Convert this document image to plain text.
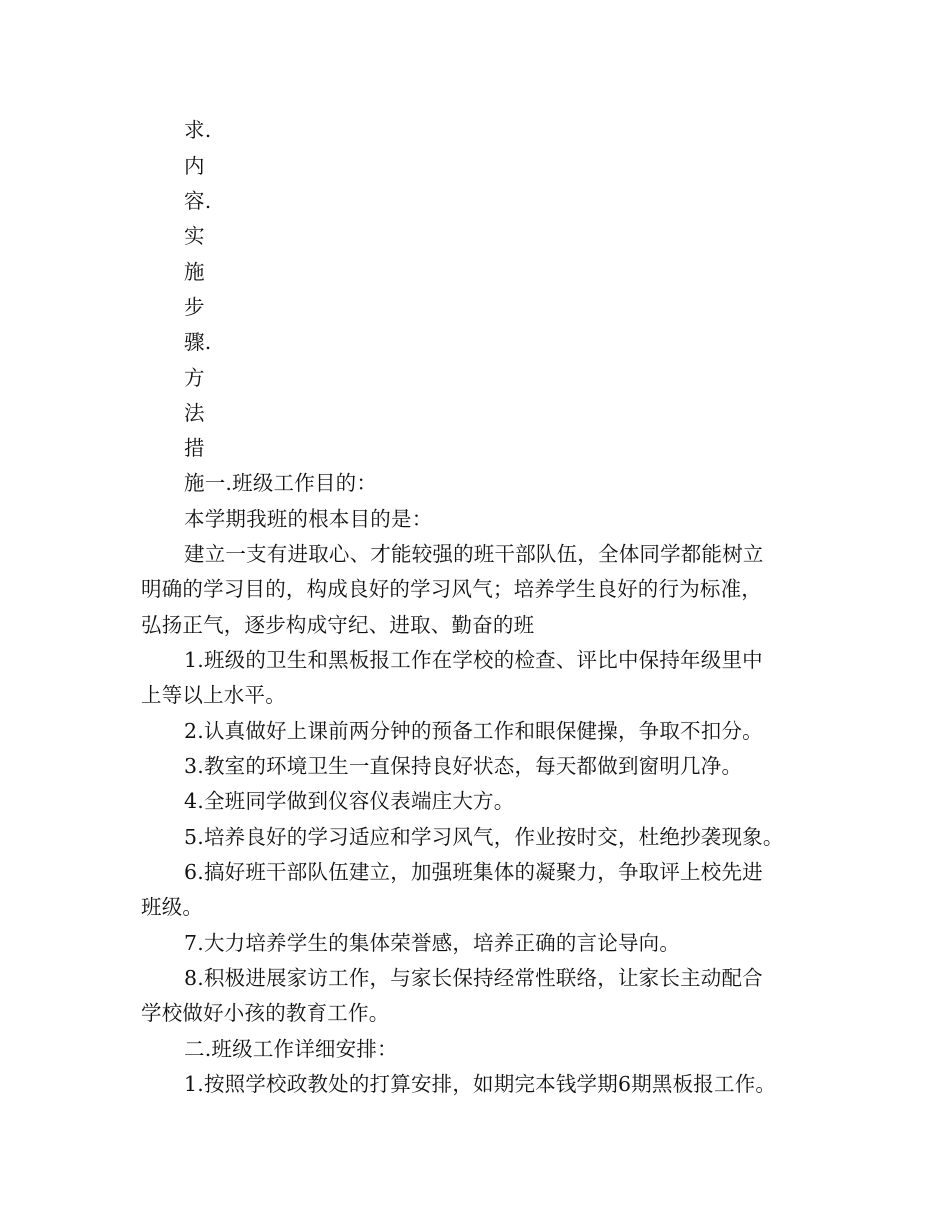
求.
内
容.
实
施
步
骤.
方
法
措
施一.班级工作目的：
本学期我班的根本目的是：
建立一支有进取心、才能较强的班干部队伍，全体同学都能树立
明确的学习目的，构成良好的学习风气；培养学生良好的行为标准，
弘扬正气，逐步构成守纪、进取、勤奋的班
1.班级的卫生和黑板报工作在学校的检查、评比中保持年级里中
上等以上水平。
2.认真做好上课前两分钟的预备工作和眼保健操，争取不扣分。
3.教室的环境卫生一直保持良好状态，每天都做到窗明几净。
4.全班同学做到仪容仪表端庄大方。
5.培养良好的学习适应和学习风气，作业按时交，杜绝抄袭现象。
6.搞好班干部队伍建立，加强班集体的凝聚力，争取评上校先进
班级。
7.大力培养学生的集体荣誉感，培养正确的言论导向。
8.积极进展家访工作，与家长保持经常性联络，让家长主动配合
学校做好小孩的教育工作。
二.班级工作详细安排：
1.按照学校政教处的打算安排，如期完本钱学期6期黑板报工作。
